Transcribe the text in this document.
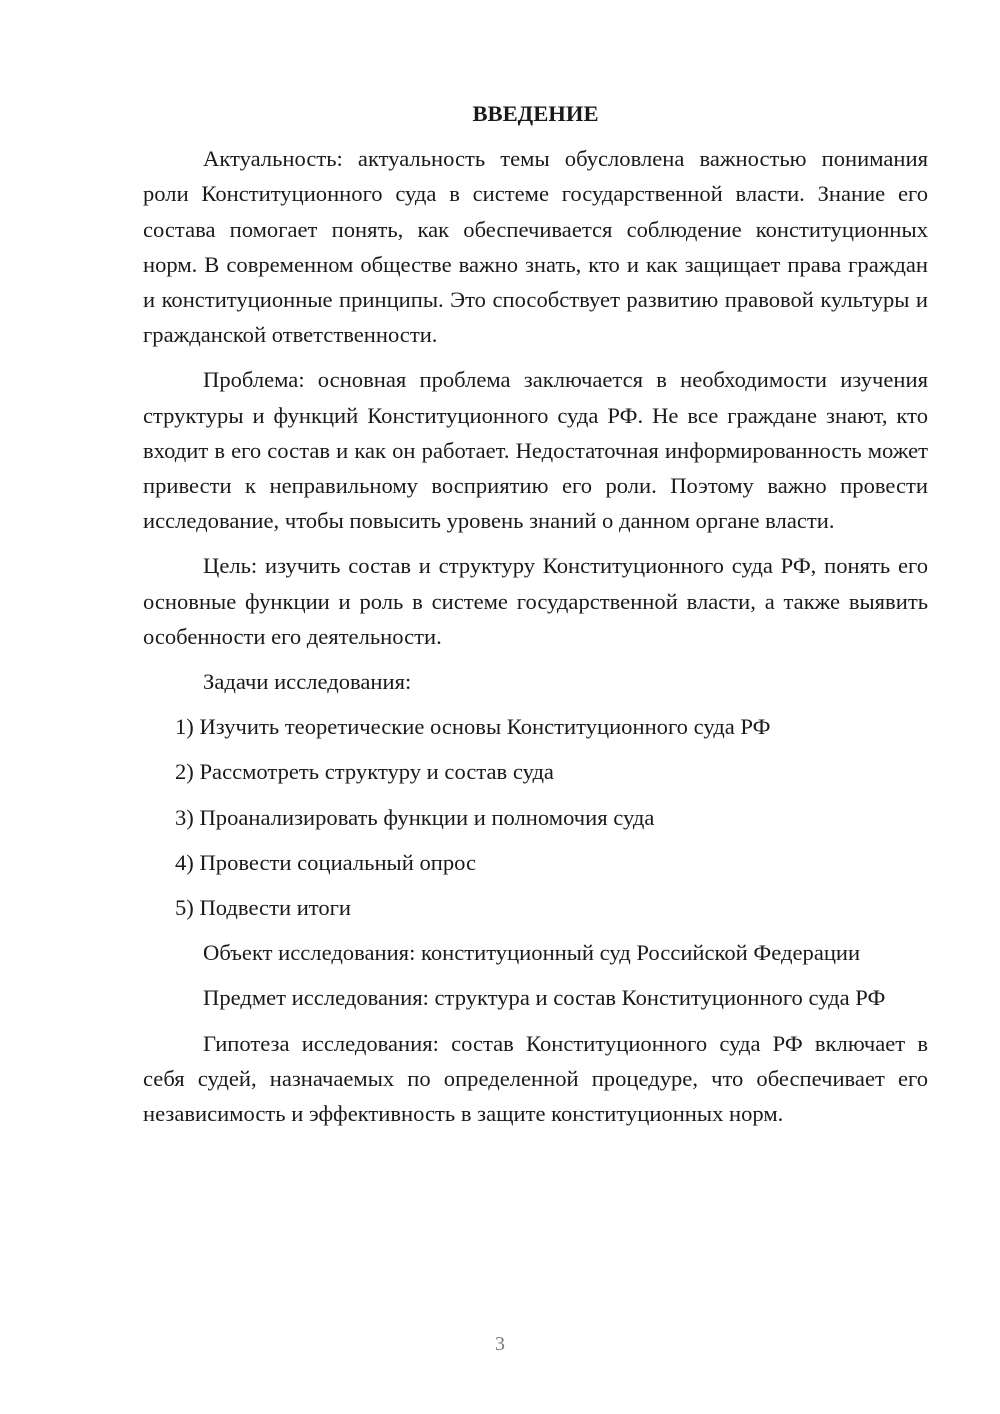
ВВЕДЕНИЕ

Актуальность: актуальность темы обусловлена важностью понимания роли Конституционного суда в системе государственной власти. Знание его состава помогает понять, как обеспечивается соблюдение конституционных норм. В современном обществе важно знать, кто и как защищает права граждан и конституционные принципы. Это способствует развитию правовой культуры и гражданской ответственности.

Проблема: основная проблема заключается в необходимости изучения структуры и функций Конституционного суда РФ. Не все граждане знают, кто входит в его состав и как он работает. Недостаточная информированность может привести к неправильному восприятию его роли. Поэтому важно провести исследование, чтобы повысить уровень знаний о данном органе власти.

Цель: изучить состав и структуру Конституционного суда РФ, понять его основные функции и роль в системе государственной власти, а также выявить особенности его деятельности.

Задачи исследования:
1) Изучить теоретические основы Конституционного суда РФ
2) Рассмотреть структуру и состав суда
3) Проанализировать функции и полномочия суда
4) Провести социальный опрос
5) Подвести итоги
Объект исследования: конституционный суд Российской Федерации

Предмет исследования: структура и состав Конституционного суда РФ

Гипотеза исследования: состав Конституционного суда РФ включает в себя судей, назначаемых по определенной процедуре, что обеспечивает его независимость и эффективность в защите конституционных норм.

3
